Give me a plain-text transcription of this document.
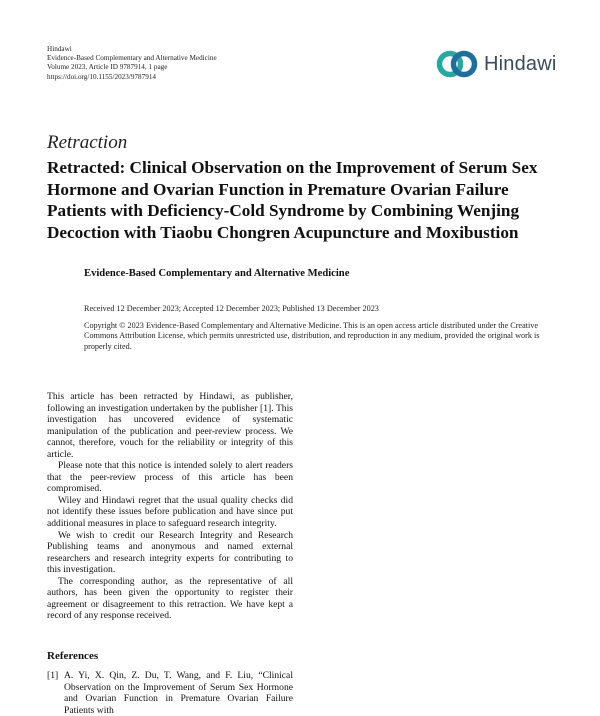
Hindawi
Evidence-Based Complementary and Alternative Medicine
Volume 2023, Article ID 9787914, 1 page
https://doi.org/10.1155/2023/9787914
Hindawi
Retraction
Retracted: Clinical Observation on the Improvement of Serum Sex Hormone and Ovarian Function in Premature Ovarian Failure Patients with Deficiency-Cold Syndrome by Combining Wenjing Decoction with Tiaobu Chongren Acupuncture and Moxibustion
Evidence-Based Complementary and Alternative Medicine
Received 12 December 2023; Accepted 12 December 2023; Published 13 December 2023
Copyright © 2023 Evidence-Based Complementary and Alternative Medicine. This is an open access article distributed under the Creative Commons Attribution License, which permits unrestricted use, distribution, and reproduction in any medium, provided the original work is properly cited.

This article has been retracted by Hindawi, as publisher, following an investigation undertaken by the publisher [1]. This investigation has uncovered evidence of systematic manipulation of the publication and peer-review process. We cannot, therefore, vouch for the reliability or integrity of this article.

Please note that this notice is intended solely to alert readers that the peer-review process of this article has been compromised.

Wiley and Hindawi regret that the usual quality checks did not identify these issues before publication and have since put additional measures in place to safeguard research integrity.

We wish to credit our Research Integrity and Research Publishing teams and anonymous and named external researchers and research integrity experts for contributing to this investigation.

The corresponding author, as the representative of all authors, has been given the opportunity to register their agreement or disagreement to this retraction. We have kept a record of any response received.

References
[1] A. Yi, X. Qin, Z. Du, T. Wang, and F. Liu, “Clinical Observation on the Improvement of Serum Sex Hormone and Ovarian Function in Premature Ovarian Failure Patients with
